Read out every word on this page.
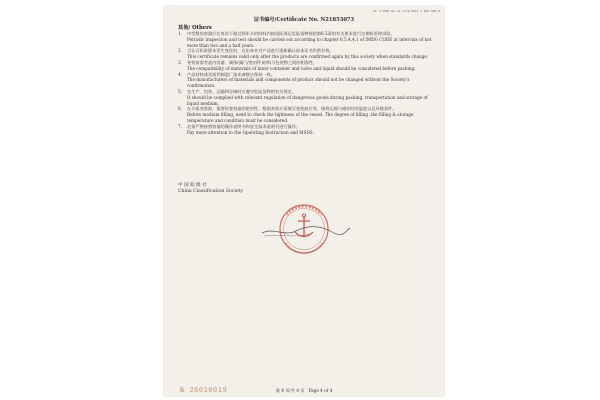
AF 1/1982 No.7a 2/12/2012 4 PAX 900.0
证书编号/Certificate No. N21853073
其他/ Others
1.	中型散装容器应在每次不超过两年半的时间内按国际海运危险货物规则第6.5章的有关要求进行定期检验和试验。

Periodic inspection and test should be carried out according to chapter 6.5.4.4.1 of IMDG CODE at intervals of not more than two and a half years.

2.	当认可标准版本发生变化时，在由本社对产品进行重新确认前本证书仍然有效。

This certificate remains valid only after the products are confirmed again by this society when standards change.

3.	充装前需考虑内容器、阀体(阀门/密封件)材料与包装物之间的相容性。

The compatibility of materials of inner container and valve and liquid should be considered before packing.

4.	产品材料或零部件制造厂技术参数应保持一致。

The manufacturers of materials and components of product should not be changed without the Society's confirmation.

5.	在生产、包装、运输和存储时应遵守危险货物的有关规定。

It should be complied with relevant regulation of dangerous goods during packing, transportation and storage of liquid medium.

6.	在介质充装前，需要检查容器的密封性。根据充装介质填写充装液位等，保持运输与储存时的温度以及环境条件。

Before medium filling, need to check the tightness of the vessel. The degree of filling ,the filling & storage temperature and condition must be considered.

7.	必须严格按照容器的操作说明书和安全技术说明书进行操作。

Pay more attention to the Operating Instruction and MSDS.

中 国 船 级 社
China Classification Society
№ 26010019	第 4 页/共 4 页 Page 4 of 4
